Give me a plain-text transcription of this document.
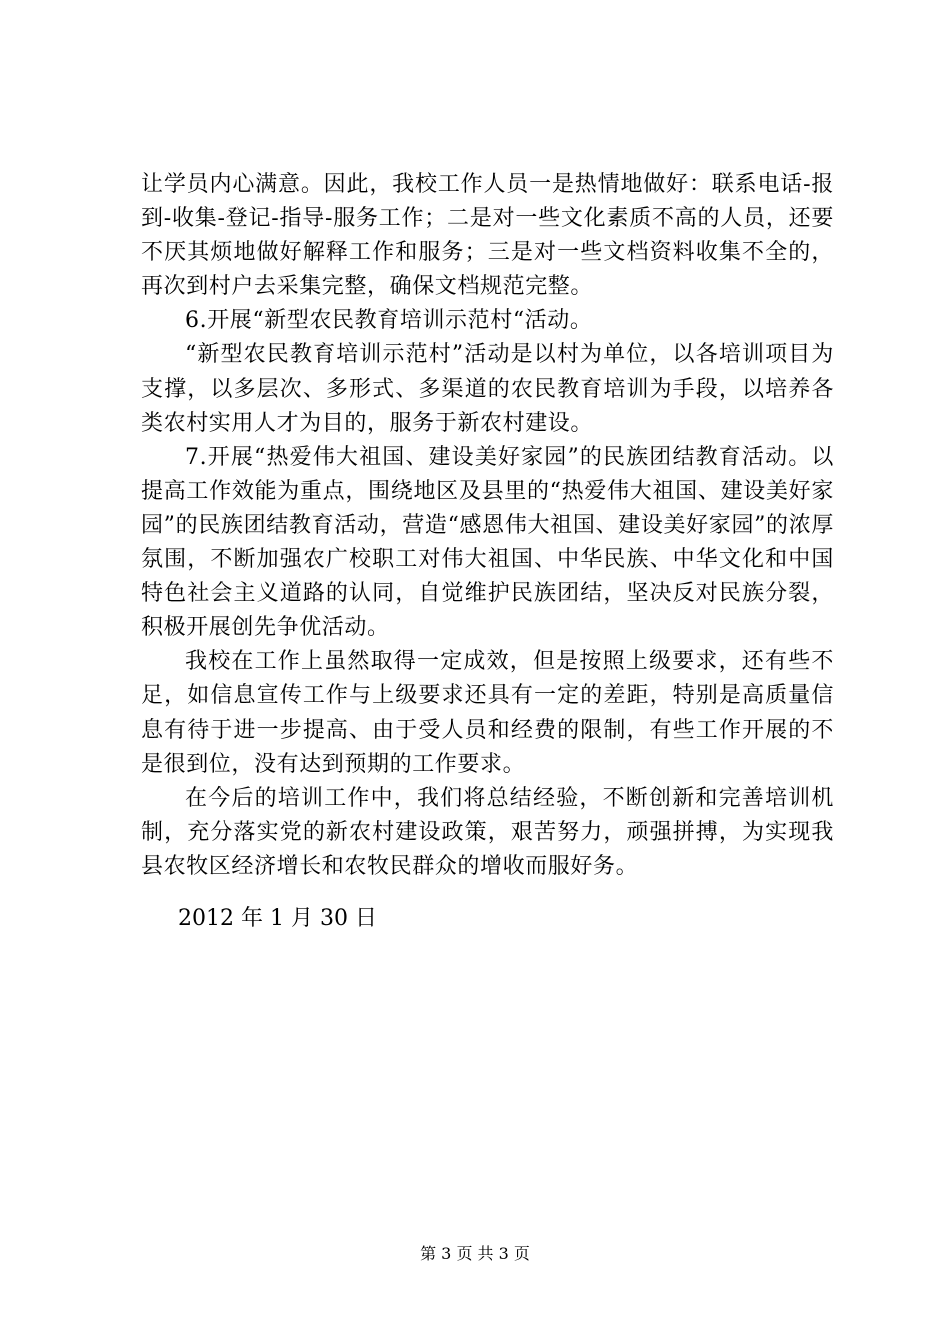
让学员内心满意。因此，我校工作人员一是热情地做好：联系电话-报到-收集-登记-指导-服务工作；二是对一些文化素质不高的人员，还要不厌其烦地做好解释工作和服务；三是对一些文档资料收集不全的，再次到村户去采集完整，确保文档规范完整。

6.开展“新型农民教育培训示范村“活动。

“新型农民教育培训示范村”活动是以村为单位，以各培训项目为支撑，以多层次、多形式、多渠道的农民教育培训为手段，以培养各类农村实用人才为目的，服务于新农村建设。

7.开展“热爱伟大祖国、建设美好家园”的民族团结教育活动。以提高工作效能为重点，围绕地区及县里的“热爱伟大祖国、建设美好家园”的民族团结教育活动，营造“感恩伟大祖国、建设美好家园”的浓厚氛围，不断加强农广校职工对伟大祖国、中华民族、中华文化和中国特色社会主义道路的认同，自觉维护民族团结，坚决反对民族分裂，积极开展创先争优活动。

我校在工作上虽然取得一定成效，但是按照上级要求，还有些不足，如信息宣传工作与上级要求还具有一定的差距，特别是高质量信息有待于进一步提高、由于受人员和经费的限制，有些工作开展的不是很到位，没有达到预期的工作要求。

在今后的培训工作中，我们将总结经验，不断创新和完善培训机制，充分落实党的新农村建设政策，艰苦努力，顽强拼搏，为实现我县农牧区经济增长和农牧民群众的增收而服好务。

2012 年 1 月 30 日

第 3 页 共 3 页
